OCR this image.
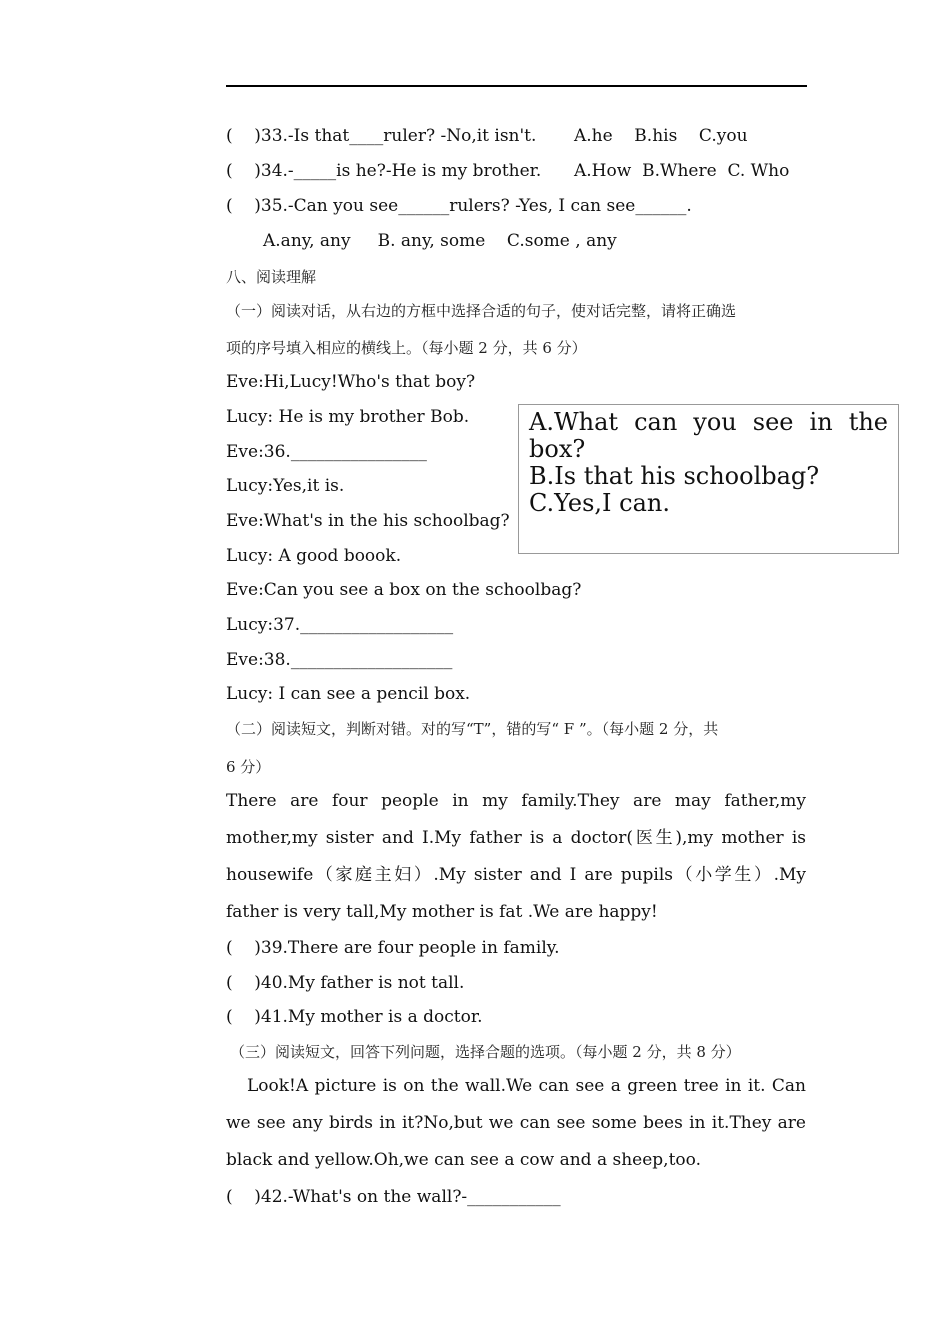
(    )33.-Is that____ruler? -No,it isn't. A.he    B.his    C.you
(    )34.-_____is he?-He is my brother. A.How  B.Where  C. Who
(    )35.-Can you see______rulers? -Yes, I can see______.
A.any, any     B. any, some    C.some , any
八、阅读理解
（一）阅读对话，从右边的方框中选择合适的句子，使对话完整，请将正确选
项的序号填入相应的横线上。（每小题 2 分，共 6 分）
Eve:Hi,Lucy!Who's that boy?
Lucy: He is my brother Bob.
Eve:36.________________
Lucy:Yes,it is.
Eve:What's in the his schoolbag?
Lucy: A good boook.
Eve:Can you see a box on the schoolbag?
Lucy:37.__________________
Eve:38.___________________
Lucy: I can see a pencil box.
A.What can you see in the
box?
B.Is that his schoolbag?
C.Yes,I can.
（二）阅读短文，判断对错。对的写“T”，错的写“ F ”。（每小题 2 分，共
6 分）
There are four people in my family.They are may father,my mother,my sister and I.My father is a doctor(医生),my mother is housewife（家庭主妇）.My sister and I are pupils（小学生）.My father is very tall,My mother is fat .We are happy!
(    )39.There are four people in family.
(    )40.My father is not tall.
(    )41.My mother is a doctor.
（三）阅读短文，回答下列问题，选择合题的选项。（每小题 2 分，共 8 分）
Look!A picture is on the wall.We can see a green tree in it. Can we see any birds in it?No,but we can see some bees in it.They are black and yellow.Oh,we can see a cow and a sheep,too.
(    )42.-What's on the wall?-___________
